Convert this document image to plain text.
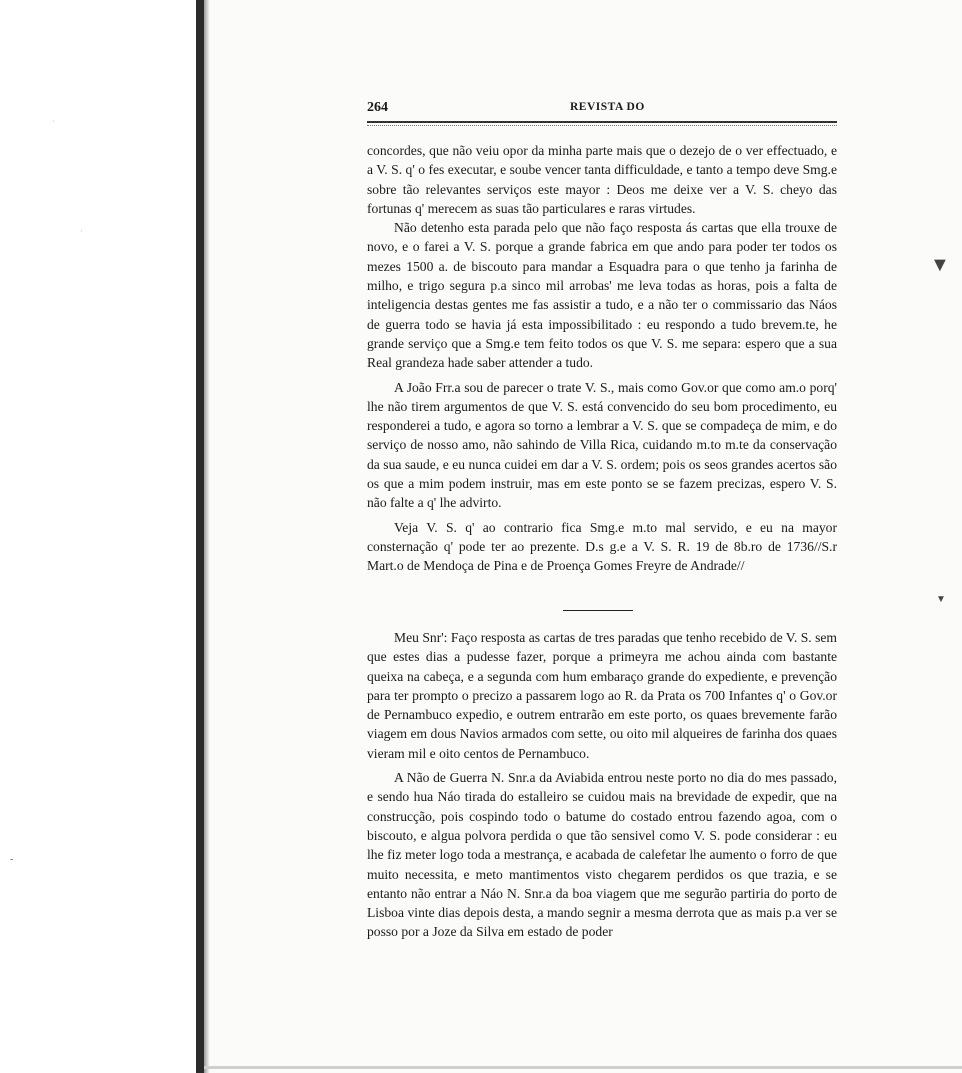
▼
▼
·
·
-
264	REVISTA DO

concordes, que não veiu opor da minha parte mais que o dezejo de o ver effectuado, e a V. S. q' o fes executar, e soube vencer tanta difficuldade, e tanto a tempo deve Smg.e sobre tão relevantes serviços este mayor : Deos me deixe ver a V. S. cheyo das fortunas q' merecem as suas tão particulares e raras virtudes.

Não detenho esta parada pelo que não faço resposta ás cartas que ella trouxe de novo, e o farei a V. S. porque a grande fabrica em que ando para poder ter todos os mezes 1500 a. de biscouto para mandar a Esquadra para o que tenho ja farinha de milho, e trigo segura p.a sinco mil arrobas' me leva todas as horas, pois a falta de inteligencia destas gentes me fas assistir a tudo, e a não ter o commissario das Náos de guerra todo se havia já esta impossibilitado : eu respondo a tudo brevem.te, he grande serviço que a Smg.e tem feito todos os que V. S. me separa: espero que a sua Real grandeza hade saber attender a tudo.

A João Frr.a sou de parecer o trate V. S., mais como Gov.or que como am.o porq' lhe não tirem argumentos de que V. S. está convencido do seu bom procedimento, eu responderei a tudo, e agora so torno a lembrar a V. S. que se compadeça de mim, e do serviço de nosso amo, não sahindo de Villa Rica, cuidando m.to m.te da conservação da sua saude, e eu nunca cuidei em dar a V. S. ordem; pois os seos grandes acertos são os que a mim podem instruir, mas em este ponto se se fazem precizas, espero V. S. não falte a q' lhe advirto.

Veja V. S. q' ao contrario fica Smg.e m.to mal servido, e eu na mayor consternação q' pode ter ao prezente. D.s g.e a V. S. R. 19 de 8b.ro de 1736//S.r Mart.o de Mendoça de Pina e de Proença Gomes Freyre de Andrade//

Meu Snr': Faço resposta as cartas de tres paradas que tenho recebido de V. S. sem que estes dias a pudesse fazer, porque a primeyra me achou ainda com bastante queixa na cabeça, e a segunda com hum embaraço grande do expediente, e prevenção para ter prompto o precizo a passarem logo ao R. da Prata os 700 Infantes q' o Gov.or de Pernambuco expedio, e outrem entrarão em este porto, os quaes brevemente farão viagem em dous Navios armados com sette, ou oito mil alqueires de farinha dos quaes vieram mil e oito centos de Pernambuco.

A Não de Guerra N. Snr.a da Aviabida entrou neste porto no dia do mes passado, e sendo hua Náo tirada do estalleiro se cuidou mais na brevidade de expedir, que na construcção, pois cospindo todo o batume do costado entrou fazendo agoa, com o biscouto, e algua polvora perdida o que tão sensivel como V. S. pode considerar : eu lhe fiz meter logo toda a mestrança, e acabada de calefetar lhe aumento o forro de que muito necessita, e meto mantimentos visto chegarem perdidos os que trazia, e se entanto não entrar a Náo N. Snr.a da boa viagem que me segurão partiria do porto de Lisboa vinte dias depois desta, a mando segnir a mesma derrota que as mais p.a ver se posso por a Joze da Silva em estado de poder
